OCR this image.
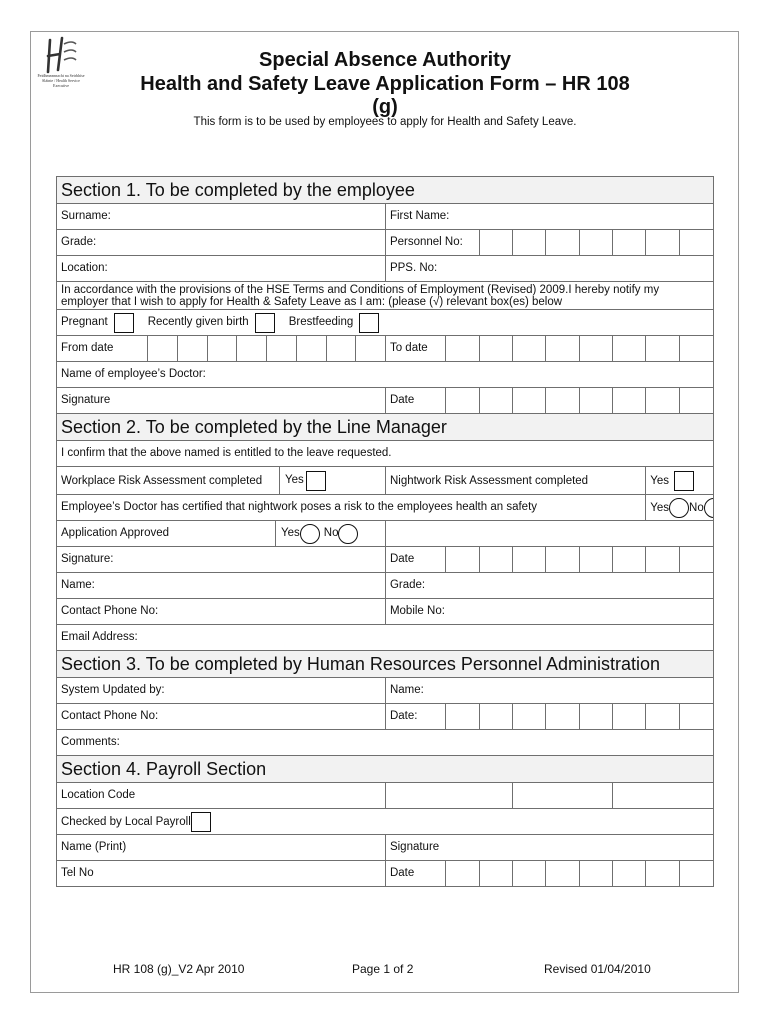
Feidhmeannacht na Seirbhíse Sláinte / Health Service Executive
Special Absence Authority
Health and Safety Leave Application Form – HR 108 (g)
This form is to be used by employees to apply for Health and Safety Leave.
Section 1. To be completed by the employee									
Surname:	First Name:								
Grade:	Personnel No:								
Location:	PPS. No:								
In accordance with the provisions of the HSE Terms and Conditions of Employment (Revised) 2009.I hereby notify my employer that I wish to apply for Health & Safety Leave as I am: (please (√) relevant box(es) below									

Pregnant Recently given birth Brestfeeding									

From date	To date								
Name of employee’s Doctor:									
Signature	Date								
Section 2. To be completed by the Line Manager									
I confirm that the above named is entitled to the leave requested.									

Workplace Risk Assessment completed Yes	Nightwork Risk Assessment completed							Yes	
Employee’s Doctor has certified that nightwork poses a risk to the employees health an safety								Yes No	

Application Approved Yes No									

Signature:	Date								
Name:	Grade:								
Contact Phone No:	Mobile No:								
Email Address:									
Section 3. To be completed by Human Resources Personnel Administration									
System Updated by:	Name:								
Contact Phone No:	Date:								
Comments:									
Section 4. Payroll Section									
Location Code									
Checked by Local Payroll									
Name (Print)	Signature								
Tel No	Date								
HR 108 (g)_V2 Apr 2010	Page 1 of 2	Revised 01/04/2010
